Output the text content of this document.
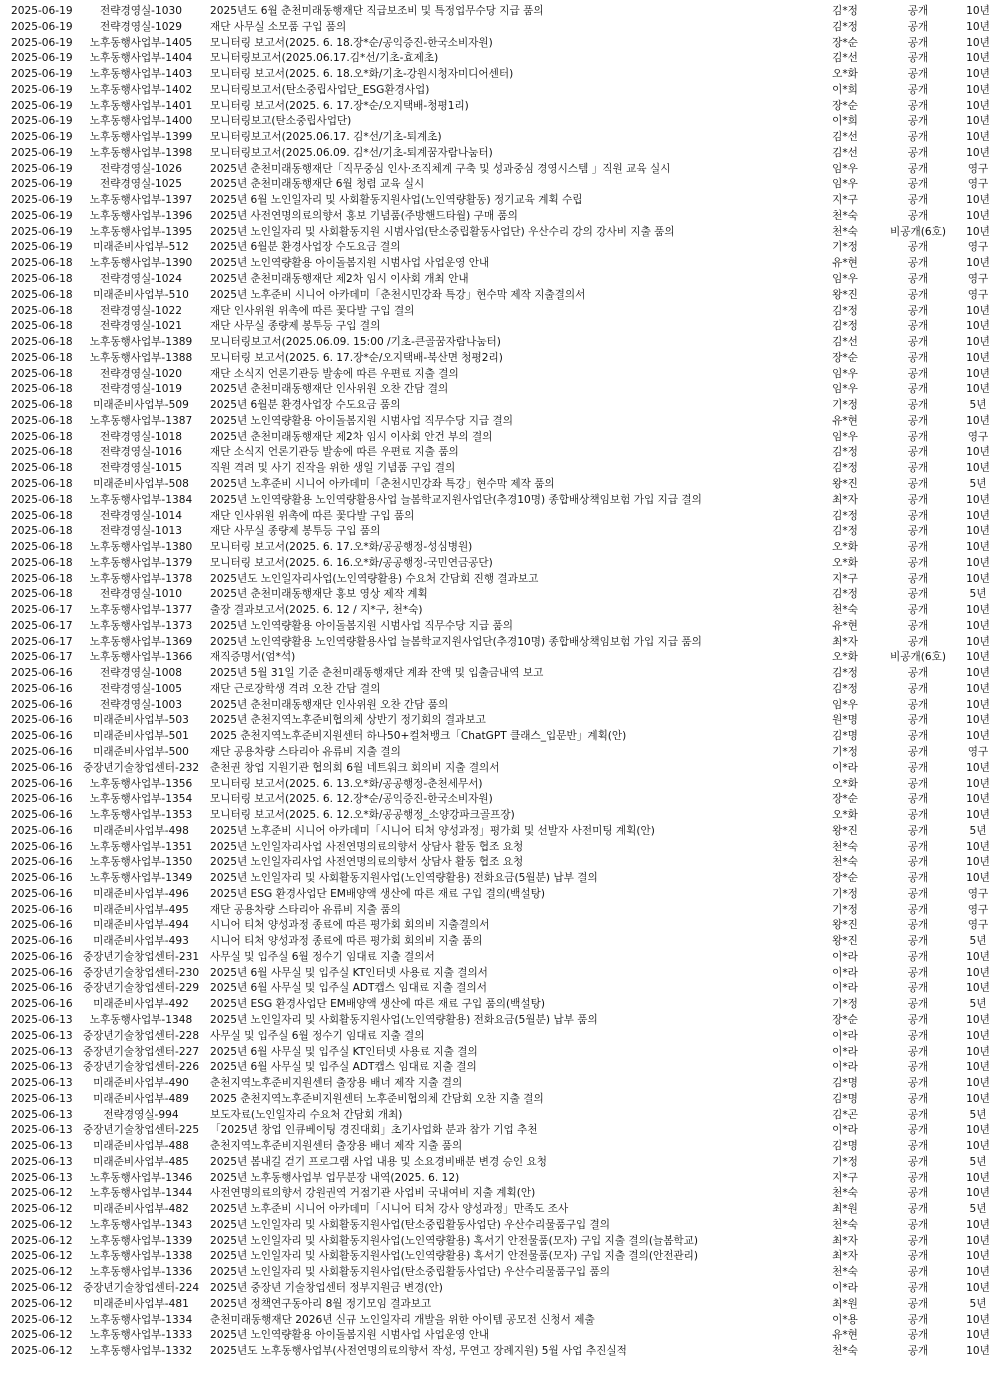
2025-06-19	전략경영실-1030	2025년도 6월 춘천미래동행재단 직급보조비 및 특정업무수당 지급 품의	김*정	공개	10년
2025-06-19	전략경영실-1029	재단 사무실 소모품 구입 품의	김*정	공개	10년
2025-06-19	노후동행사업부-1405	모니터링 보고서(2025. 6. 18.장*순/공익증진-한국소비자원)	장*순	공개	10년
2025-06-19	노후동행사업부-1404	모니터링보고서(2025.06.17.김*선/기초-효제초)	김*선	공개	10년
2025-06-19	노후동행사업부-1403	모니터링 보고서(2025. 6. 18.오*화/기초-강원시청자미디어센터)	오*화	공개	10년
2025-06-19	노후동행사업부-1402	모니터링보고서(탄소중립사업단_ESG환경사업)	이*희	공개	10년
2025-06-19	노후동행사업부-1401	모니터링 보고서(2025. 6. 17.장*순/오지택배-청평1리)	장*순	공개	10년
2025-06-19	노후동행사업부-1400	모니터링보고(탄소중립사업단)	이*희	공개	10년
2025-06-19	노후동행사업부-1399	모니터링보고서(2025.06.17. 김*선/기초-퇴계초)	김*선	공개	10년
2025-06-19	노후동행사업부-1398	모니터링보고서(2025.06.09. 김*선/기초-퇴계꿈자람나눔터)	김*선	공개	10년
2025-06-19	전략경영실-1026	2025년 춘천미래동행재단「직무중심 인사·조직체계 구축 및 성과중심 경영시스템 」직원 교육 실시	임*우	공개	영구
2025-06-19	전략경영실-1025	2025년 춘천미래동행재단 6월 청렴 교육 실시	임*우	공개	영구
2025-06-19	노후동행사업부-1397	2025년 6월 노인일자리 및 사회활동지원사업(노인역량활동) 정기교육 계획 수립	지*구	공개	10년
2025-06-19	노후동행사업부-1396	2025년 사전연명의료의향서 홍보 기념품(주방핸드타월) 구매 품의	천*숙	공개	10년
2025-06-19	노후동행사업부-1395	2025년 노인일자리 및 사회활동지원 시범사업(탄소중립활동사업단) 우산수리 강의 강사비 지출 품의	천*숙	비공개(6호)	10년
2025-06-19	미래준비사업부-512	2025년 6월분 환경사업장 수도요금 결의	기*정	공개	영구
2025-06-18	노후동행사업부-1390	2025년 노인역량활용 아이돌봄지원 시범사업 사업운영 안내	유*현	공개	10년
2025-06-18	전략경영실-1024	2025년 춘천미래동행재단 제2차 임시 이사회 개최 안내	임*우	공개	영구
2025-06-18	미래준비사업부-510	2025년 노후준비 시니어 아카데미「춘천시민강좌 특강」현수막 제작 지출결의서	왕*진	공개	영구
2025-06-18	전략경영실-1022	재단 인사위원 위촉에 따른 꽃다발 구입 결의	김*정	공개	10년
2025-06-18	전략경영실-1021	재단 사무실 종량제 봉투등 구입 결의	김*정	공개	10년
2025-06-18	노후동행사업부-1389	모니터링보고서(2025.06.09. 15:00 /기초-큰골꿈자람나눔터)	김*선	공개	10년
2025-06-18	노후동행사업부-1388	모니터링 보고서(2025. 6. 17.장*순/오지택배-북산면 청평2리)	장*순	공개	10년
2025-06-18	전략경영실-1020	재단 소식지 언론기관등 발송에 따른 우편료 지출 결의	임*우	공개	10년
2025-06-18	전략경영실-1019	2025년 춘천미래동행재단 인사위원 오찬 간담 결의	임*우	공개	10년
2025-06-18	미래준비사업부-509	2025년 6월분 환경사업장 수도요금 품의	기*정	공개	5년
2025-06-18	노후동행사업부-1387	2025년 노인역량활용 아이돌봄지원 시범사업 직무수당 지급 결의	유*현	공개	10년
2025-06-18	전략경영실-1018	2025년 춘천미래동행재단 제2차 임시 이사회 안건 부의 결의	임*우	공개	영구
2025-06-18	전략경영실-1016	재단 소식지 언론기관등 발송에 따른 우편료 지출 품의	김*정	공개	10년
2025-06-18	전략경영실-1015	직원 격려 및 사기 진작을 위한 생일 기념품 구입 결의	김*정	공개	10년
2025-06-18	미래준비사업부-508	2025년 노후준비 시니어 아카데미「춘천시민강좌 특강」현수막 제작 품의	왕*진	공개	5년
2025-06-18	노후동행사업부-1384	2025년 노인역량활용 노인역량활용사업 늘봄학교지원사업단(추경10명) 종합배상책임보험 가입 지급 결의	최*자	공개	10년
2025-06-18	전략경영실-1014	재단 인사위원 위촉에 따른 꽃다발 구입 품의	김*정	공개	10년
2025-06-18	전략경영실-1013	재단 사무실 종량제 봉투등 구입 품의	김*정	공개	10년
2025-06-18	노후동행사업부-1380	모니터링 보고서(2025. 6. 17.오*화/공공행정-성심병원)	오*화	공개	10년
2025-06-18	노후동행사업부-1379	모니터링 보고서(2025. 6. 16.오*화/공공행정-국민연금공단)	오*화	공개	10년
2025-06-18	노후동행사업부-1378	2025년도 노인일자리사업(노인역량활용) 수요처 간담회 진행 결과보고	지*구	공개	10년
2025-06-18	전략경영실-1010	2025년 춘천미래동행재단 홍보 영상 제작 계획	김*정	공개	5년
2025-06-17	노후동행사업부-1377	출장 결과보고서(2025. 6. 12 / 지*구, 천*숙)	천*숙	공개	10년
2025-06-17	노후동행사업부-1373	2025년 노인역량활용 아이돌봄지원 시범사업 직무수당 지급 품의	유*현	공개	10년
2025-06-17	노후동행사업부-1369	2025년 노인역량활용 노인역량활용사업 늘봄학교지원사업단(추경10명) 종합배상책임보험 가입 지급 품의	최*자	공개	10년
2025-06-17	노후동행사업부-1366	재직증명서(엄*석)	오*화	비공개(6호)	10년
2025-06-16	전략경영실-1008	2025년 5월 31일 기준 춘천미래동행재단 계좌 잔액 및 입출금내역 보고	김*정	공개	10년
2025-06-16	전략경영실-1005	재단 근로장학생 격려 오찬 간담 결의	김*정	공개	10년
2025-06-16	전략경영실-1003	2025년 춘천미래동행재단 인사위원 오찬 간담 품의	임*우	공개	10년
2025-06-16	미래준비사업부-503	2025년 춘천지역노후준비협의체 상반기 정기회의 결과보고	원*명	공개	10년
2025-06-16	미래준비사업부-501	2025 춘천지역노후준비지원센터 하나50+컬처뱅크「ChatGPT 클래스_입문반」계획(안)	김*명	공개	10년
2025-06-16	미래준비사업부-500	재단 공용차량 스타리아 유류비 지출 결의	기*정	공개	영구
2025-06-16 중장년기술창업센터-232 춘천권 창업 지원기관 협의회 6월 네트워크 회의비 지출 결의서	이*라	공개	10년
2025-06-16	노후동행사업부-1356	모니터링 보고서(2025. 6. 13.오*화/공공행정-춘천세무서)	오*화	공개	10년
2025-06-16	노후동행사업부-1354	모니터링 보고서(2025. 6. 12.장*순/공익증진-한국소비자원)	장*순	공개	10년
2025-06-16	노후동행사업부-1353	모니터링 보고서(2025. 6. 12.오*화/공공행정_소양강파크골프장)	오*화	공개	10년
2025-06-16	미래준비사업부-498	2025년 노후준비 시니어 아카데미「시니어 티처 양성과정」평가회 및 선발자 사전미팅 계획(안)	왕*진	공개	5년
2025-06-16	노후동행사업부-1351	2025년 노인일자리사업 사전연명의료의향서 상담사 활동 협조 요청	천*숙	공개	10년
2025-06-16	노후동행사업부-1350	2025년 노인일자리사업 사전연명의료의향서 상담사 활동 협조 요청	천*숙	공개	10년
2025-06-16	노후동행사업부-1349	2025년 노인일자리 및 사회활동지원사업(노인역량활용) 전화요금(5월분) 납부 결의	장*순	공개	10년
2025-06-16	미래준비사업부-496	2025년 ESG 환경사업단 EM배양액 생산에 따른 재료 구입 결의(백설탕)	기*정	공개	영구
2025-06-16	미래준비사업부-495	재단 공용차량 스타리아 유류비 지출 품의	기*정	공개	영구
2025-06-16	미래준비사업부-494	시니어 티처 양성과정 종료에 따른 평가회 회의비 지출결의서	왕*진	공개	영구
2025-06-16	미래준비사업부-493	시니어 티처 양성과정 종료에 따른 평가회 회의비 지출 품의	왕*진	공개	5년
2025-06-16 중장년기술창업센터-231 사무실 및 입주실 6월 정수기 임대료 지출 결의서	이*라	공개	10년
2025-06-16 중장년기술창업센터-230 2025년 6월 사무실 및 입주실 KT인터넷 사용료 지출 결의서	이*라	공개	10년
2025-06-16 중장년기술창업센터-229 2025년 6월 사무실 및 입주실 ADT캡스 임대료 지출 결의서	이*라	공개	10년
2025-06-16	미래준비사업부-492	2025년 ESG 환경사업단 EM배양액 생산에 따른 재료 구입 품의(백설탕)	기*정	공개	5년
2025-06-13	노후동행사업부-1348	2025년 노인일자리 및 사회활동지원사업(노인역량활용) 전화요금(5월분) 납부 품의	장*순	공개	10년
2025-06-13 중장년기술창업센터-228 사무실 및 입주실 6월 정수기 임대료 지출 결의	이*라	공개	10년
2025-06-13 중장년기술창업센터-227 2025년 6월 사무실 및 입주실 KT인터넷 사용료 지출 결의	이*라	공개	10년
2025-06-13 중장년기술창업센터-226 2025년 6월 사무실 및 입주실 ADT캡스 임대료 지출 결의	이*라	공개	10년
2025-06-13	미래준비사업부-490	춘천지역노후준비지원센터 출장용 배너 제작 지출 결의	김*명	공개	10년
2025-06-13	미래준비사업부-489	2025 춘천지역노후준비지원센터 노후준비협의체 간담회 오찬 지출 결의	김*명	공개	10년
2025-06-13	전략경영실-994	보도자료(노인일자리 수요처 간담회 개최)	김*곤	공개	5년
2025-06-13 중장년기술창업센터-225 「2025년 창업 인큐베이팅 경진대회」초기사업화 분과 참가 기업 추천	이*라	공개	10년
2025-06-13	미래준비사업부-488	춘천지역노후준비지원센터 출장용 배너 제작 지출 품의	김*명	공개	10년
2025-06-13	미래준비사업부-485	2025년 봄내길 걷기 프로그램 사업 내용 및 소요경비배분 변경 승인 요청	기*정	공개	5년
2025-06-13	노후동행사업부-1346	2025년 노후동행사업부 업무분장 내역(2025. 6. 12)	지*구	공개	10년
2025-06-12	노후동행사업부-1344	사전연명의료의향서 강원권역 거점기관 사업비 국내여비 지출 계획(안)	천*숙	공개	10년
2025-06-12	미래준비사업부-482	2025년 노후준비 시니어 아카데미「시니어 티처 강사 양성과정」만족도 조사	최*원	공개	5년
2025-06-12	노후동행사업부-1343	2025년 노인일자리 및 사회활동지원사업(탄소중립활동사업단) 우산수리물품구입 결의	천*숙	공개	10년
2025-06-12	노후동행사업부-1339	2025년 노인일자리 및 사회활동지원사업(노인역량활용) 혹서기 안전물품(모자) 구입 지출 결의(늘봄학교)	최*자	공개	10년
2025-06-12	노후동행사업부-1338	2025년 노인일자리 및 사회활동지원사업(노인역량활용) 혹서기 안전물품(모자) 구입 지출 결의(안전관리)	최*자	공개	10년
2025-06-12	노후동행사업부-1336	2025년 노인일자리 및 사회활동지원사업(탄소중립활동사업단) 우산수리물품구입 품의	천*숙	공개	10년
2025-06-12 중장년기술창업센터-224 2025년 중장년 기술창업센터 정부지원금 변경(안)	이*라	공개	10년
2025-06-12	미래준비사업부-481	2025년 정책연구동아리 8월 정기모임 결과보고	최*원	공개	5년
2025-06-12	노후동행사업부-1334	춘천미래동행재단 2026년 신규 노인일자리 개발을 위한 아이템 공모전 신청서 제출	이*용	공개	10년
2025-06-12	노후동행사업부-1333	2025년 노인역량활용 아이돌봄지원 시범사업 사업운영 안내	유*현	공개	10년
2025-06-12	노후동행사업부-1332	2025년도 노후동행사업부(사전연명의료의향서 작성, 무연고 장례지원) 5월 사업 추진실적	천*숙	공개	10년
